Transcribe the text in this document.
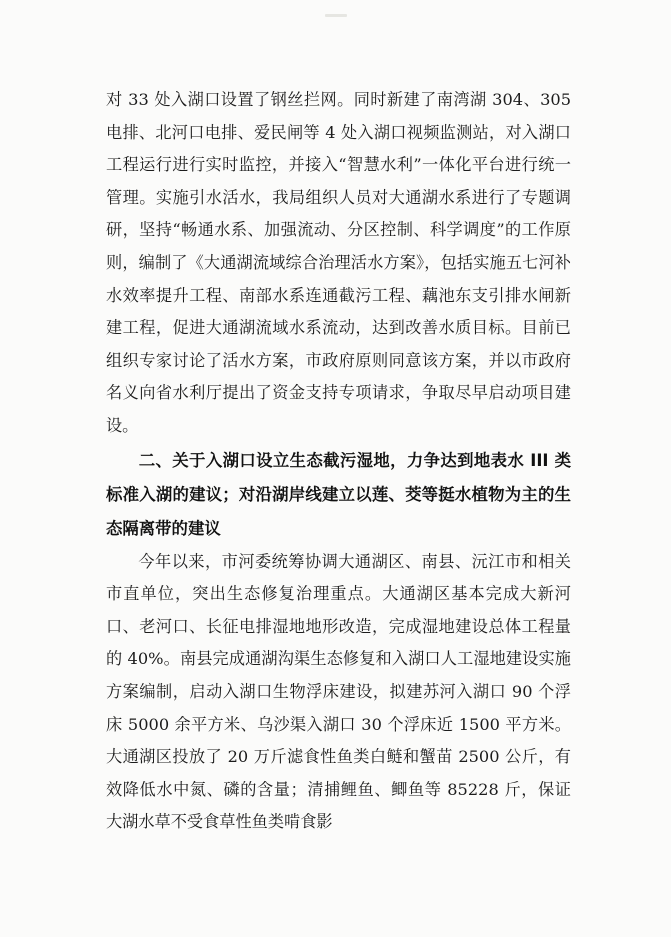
对 33 处入湖口设置了钢丝拦网。同时新建了南湾湖 304、305 电排、北河口电排、爱民闸等 4 处入湖口视频监测站，对入湖口工程运行进行实时监控，并接入“智慧水利”一体化平台进行统一管理。实施引水活水，我局组织人员对大通湖水系进行了专题调研，坚持“畅通水系、加强流动、分区控制、科学调度”的工作原则，编制了《大通湖流域综合治理活水方案》，包括实施五七河补水效率提升工程、南部水系连通截污工程、藕池东支引排水闸新建工程，促进大通湖流域水系流动，达到改善水质目标。目前已组织专家讨论了活水方案，市政府原则同意该方案，并以市政府名义向省水利厅提出了资金支持专项请求，争取尽早启动项目建设。

二、关于入湖口设立生态截污湿地，力争达到地表水 III 类标准入湖的建议；对沿湖岸线建立以莲、茭等挺水植物为主的生态隔离带的建议

今年以来，市河委统筹协调大通湖区、南县、沅江市和相关市直单位，突出生态修复治理重点。大通湖区基本完成大新河口、老河口、长征电排湿地地形改造，完成湿地建设总体工程量的 40%。南县完成通湖沟渠生态修复和入湖口人工湿地建设实施方案编制，启动入湖口生物浮床建设，拟建苏河入湖口 90 个浮床 5000 余平方米、乌沙渠入湖口 30 个浮床近 1500 平方米。大通湖区投放了 20 万斤滤食性鱼类白鲢和蟹苗 2500 公斤，有效降低水中氮、磷的含量；清捕鲤鱼、鲫鱼等 85228 斤，保证大湖水草不受食草性鱼类啃食影
